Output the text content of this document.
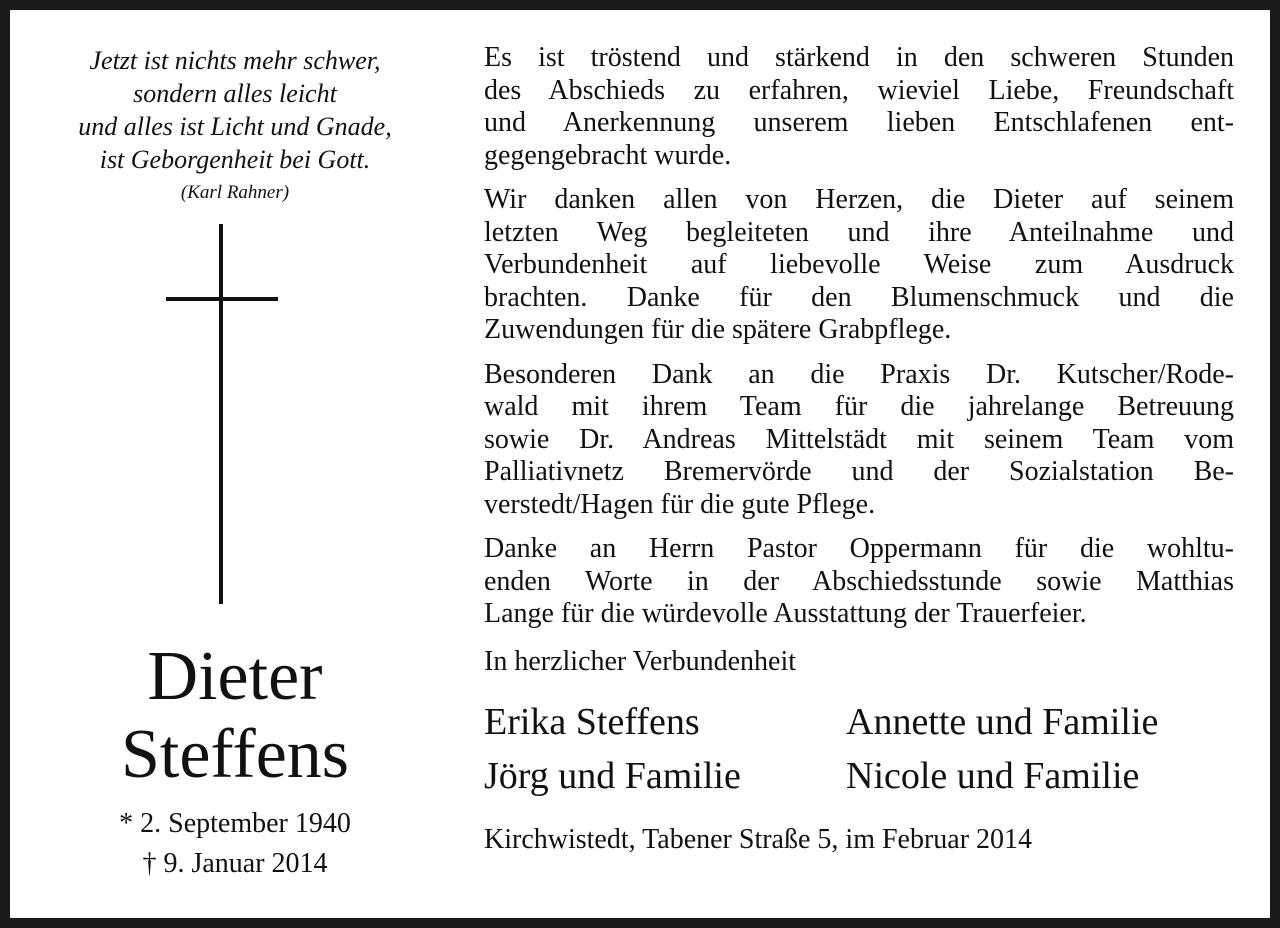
Jetzt ist nichts mehr schwer,
sondern alles leicht
und alles ist Licht und Gnade,
ist Geborgenheit bei Gott.
(Karl Rahner)
Dieter
Steffens
* 2. September 1940
† 9. Januar 2014
Es ist tröstend und stärkend in den schweren Stunden
des Abschieds zu erfahren, wieviel Liebe, Freundschaft
und Anerkennung unserem lieben Entschlafenen ent-
gegengebracht wurde.
Wir danken allen von Herzen, die Dieter auf seinem
letzten Weg begleiteten und ihre Anteilnahme und
Verbundenheit auf liebevolle Weise zum Ausdruck
brachten. Danke für den Blumenschmuck und die
Zuwendungen für die spätere Grabpflege.
Besonderen Dank an die Praxis Dr. Kutscher/Rode-
wald mit ihrem Team für die jahrelange Betreuung
sowie Dr. Andreas Mittelstädt mit seinem Team vom
Palliativnetz Bremervörde und der Sozialstation Be-
verstedt/Hagen für die gute Pflege.
Danke an Herrn Pastor Oppermann für die wohltu-
enden Worte in der Abschiedsstunde sowie Matthias
Lange für die würdevolle Ausstattung der Trauerfeier.
In herzlicher Verbundenheit
Erika Steffens	Annette und Familie
Jörg und Familie	Nicole und Familie
Kirchwistedt, Tabener Straße 5, im Februar 2014
